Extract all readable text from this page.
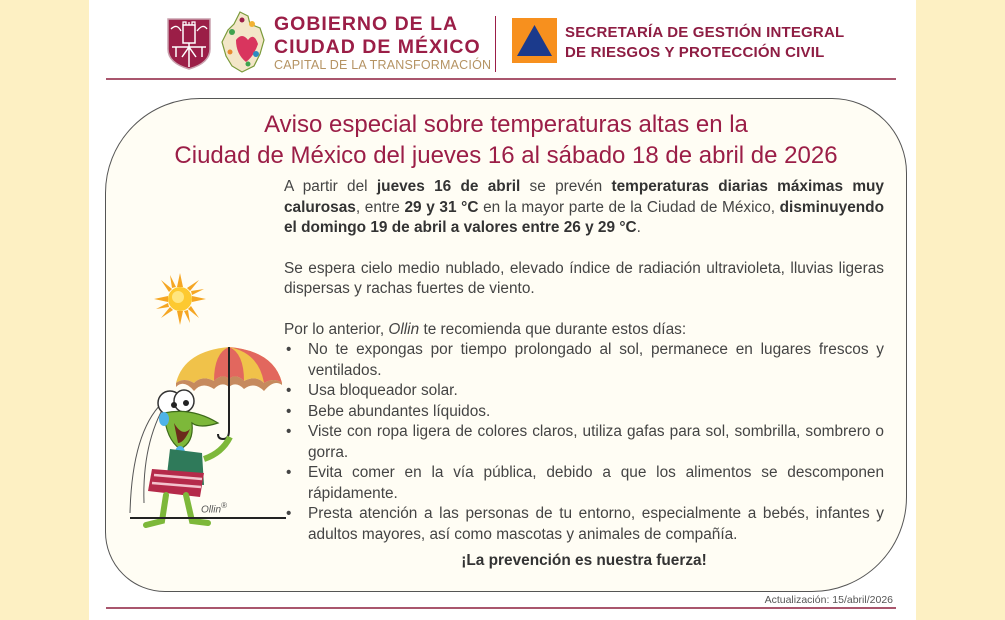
GOBIERNO DE LA
CIUDAD DE MÉXICO
CAPITAL DE LA TRANSFORMACIÓN
SECRETARÍA DE GESTIÓN INTEGRAL
DE RIESGOS Y PROTECCIÓN CIVIL
Aviso especial sobre temperaturas altas en la
Ciudad de México del jueves 16 al sábado 18 de abril de 2026
Ollin®

A partir del jueves 16 de abril se prevén temperaturas diarias máximas muy calurosas, entre 29 y 31 °C en la mayor parte de la Ciudad de México, disminuyendo el domingo 19 de abril a valores entre 26 y 29 °C.

Se espera cielo medio nublado, elevado índice de radiación ultravioleta, lluvias ligeras dispersas y rachas fuertes de viento.

Por lo anterior, Ollin te recomienda que durante estos días:
• No te expongas por tiempo prolongado al sol, permanece en lugares frescos y ventilados.
• Usa bloqueador solar.
• Bebe abundantes líquidos.
• Viste con ropa ligera de colores claros, utiliza gafas para sol, sombrilla, sombrero o gorra.
• Evita comer en la vía pública, debido a que los alimentos se descomponen rápidamente.
• Presta atención a las personas de tu entorno, especialmente a bebés, infantes y adultos mayores, así como mascotas y animales de compañía.
¡La prevención es nuestra fuerza!
Actualización: 15/abril/2026
